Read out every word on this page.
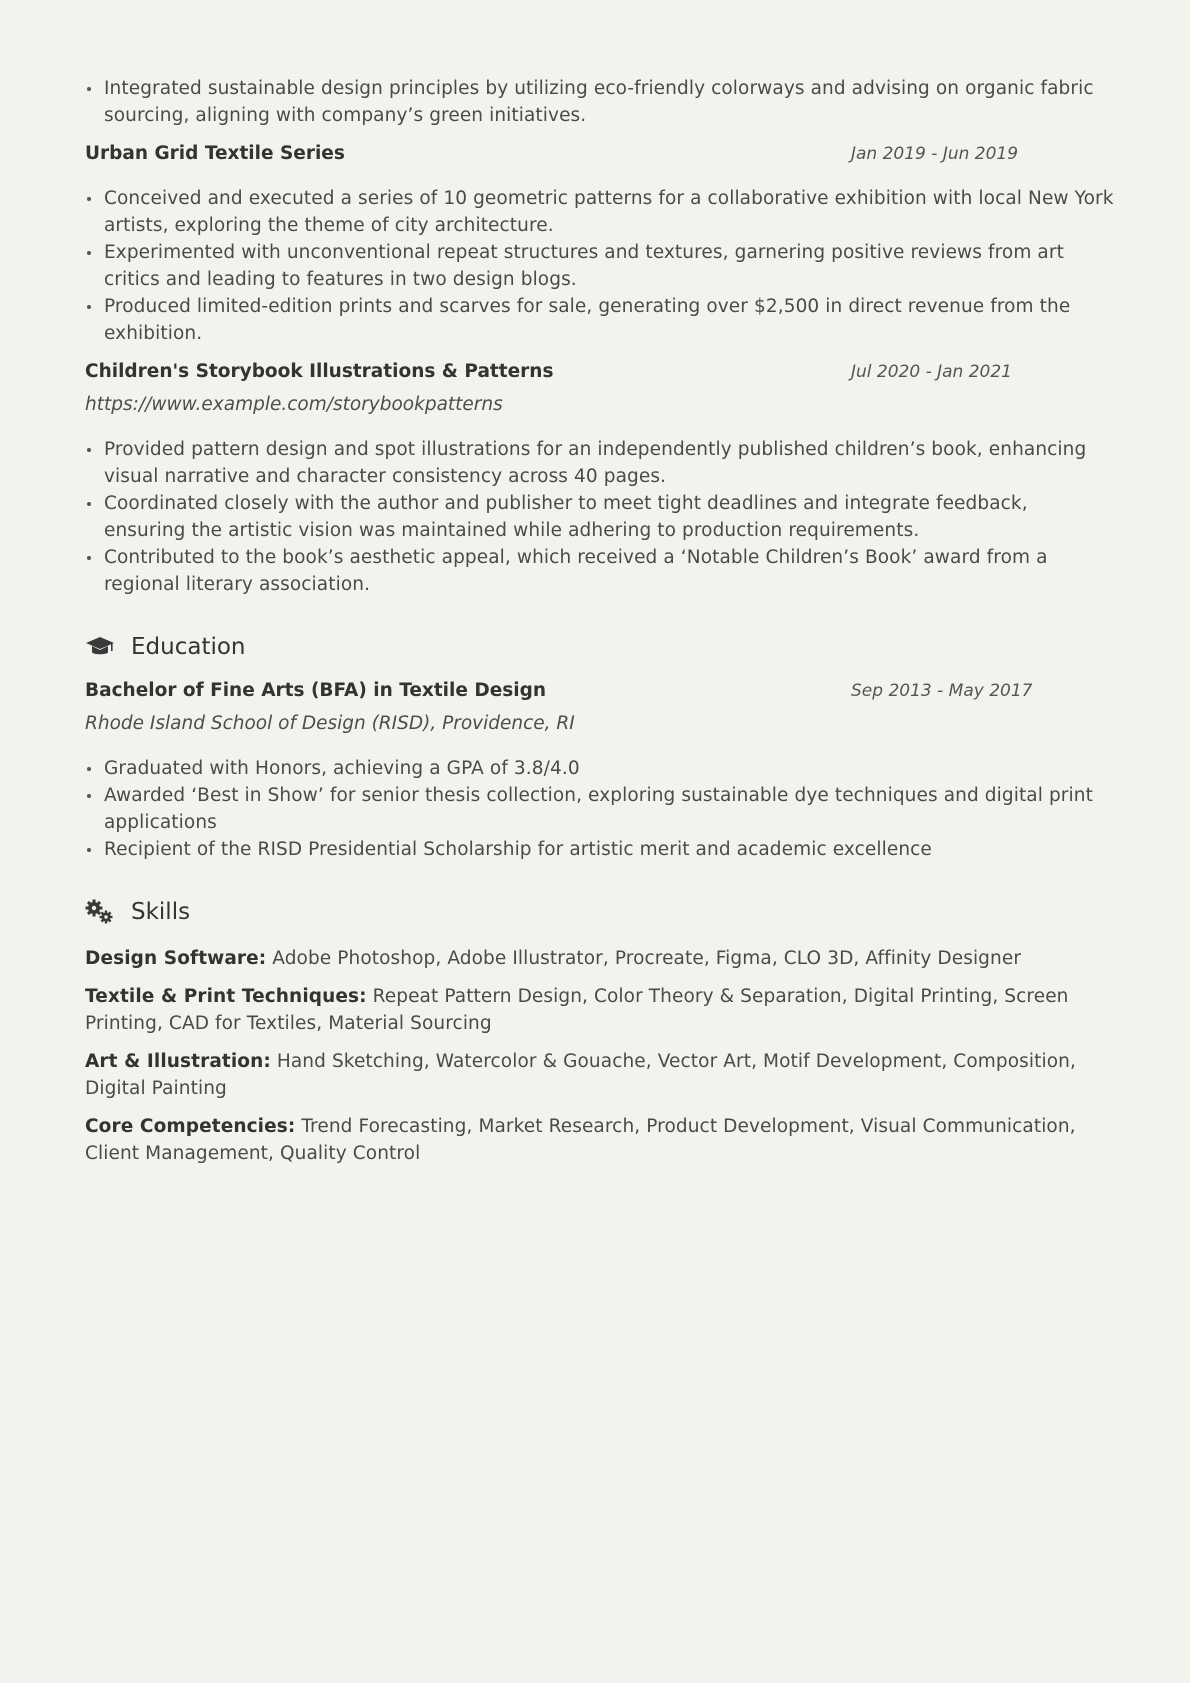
Integrated sustainable design principles by utilizing eco-friendly colorways and advising on organic fabric sourcing, aligning with company’s green initiatives.
Urban Grid Textile Series	Jan 2019 - Jun 2019
Conceived and executed a series of 10 geometric patterns for a collaborative exhibition with local New York artists, exploring the theme of city architecture.
Experimented with unconventional repeat structures and textures, garnering positive reviews from art critics and leading to features in two design blogs.
Produced limited-edition prints and scarves for sale, generating over $2,500 in direct revenue from the exhibition.
Children's Storybook Illustrations & Patterns	Jul 2020 - Jan 2021
https://www.example.com/storybookpatterns
Provided pattern design and spot illustrations for an independently published children’s book, enhancing visual narrative and character consistency across 40 pages.
Coordinated closely with the author and publisher to meet tight deadlines and integrate feedback, ensuring the artistic vision was maintained while adhering to production requirements.
Contributed to the book’s aesthetic appeal, which received a ‘Notable Children’s Book’ award from a regional literary association.
Education
Bachelor of Fine Arts (BFA) in Textile Design	Sep 2013 - May 2017
Rhode Island School of Design (RISD), Providence, RI
Graduated with Honors, achieving a GPA of 3.8/4.0
Awarded ‘Best in Show’ for senior thesis collection, exploring sustainable dye techniques and digital print applications
Recipient of the RISD Presidential Scholarship for artistic merit and academic excellence
Skills
Design Software: Adobe Photoshop, Adobe Illustrator, Procreate, Figma, CLO 3D, Affinity Designer
Textile & Print Techniques: Repeat Pattern Design, Color Theory & Separation, Digital Printing, Screen Printing, CAD for Textiles, Material Sourcing
Art & Illustration: Hand Sketching, Watercolor & Gouache, Vector Art, Motif Development, Composition, Digital Painting
Core Competencies: Trend Forecasting, Market Research, Product Development, Visual Communication, Client Management, Quality Control
